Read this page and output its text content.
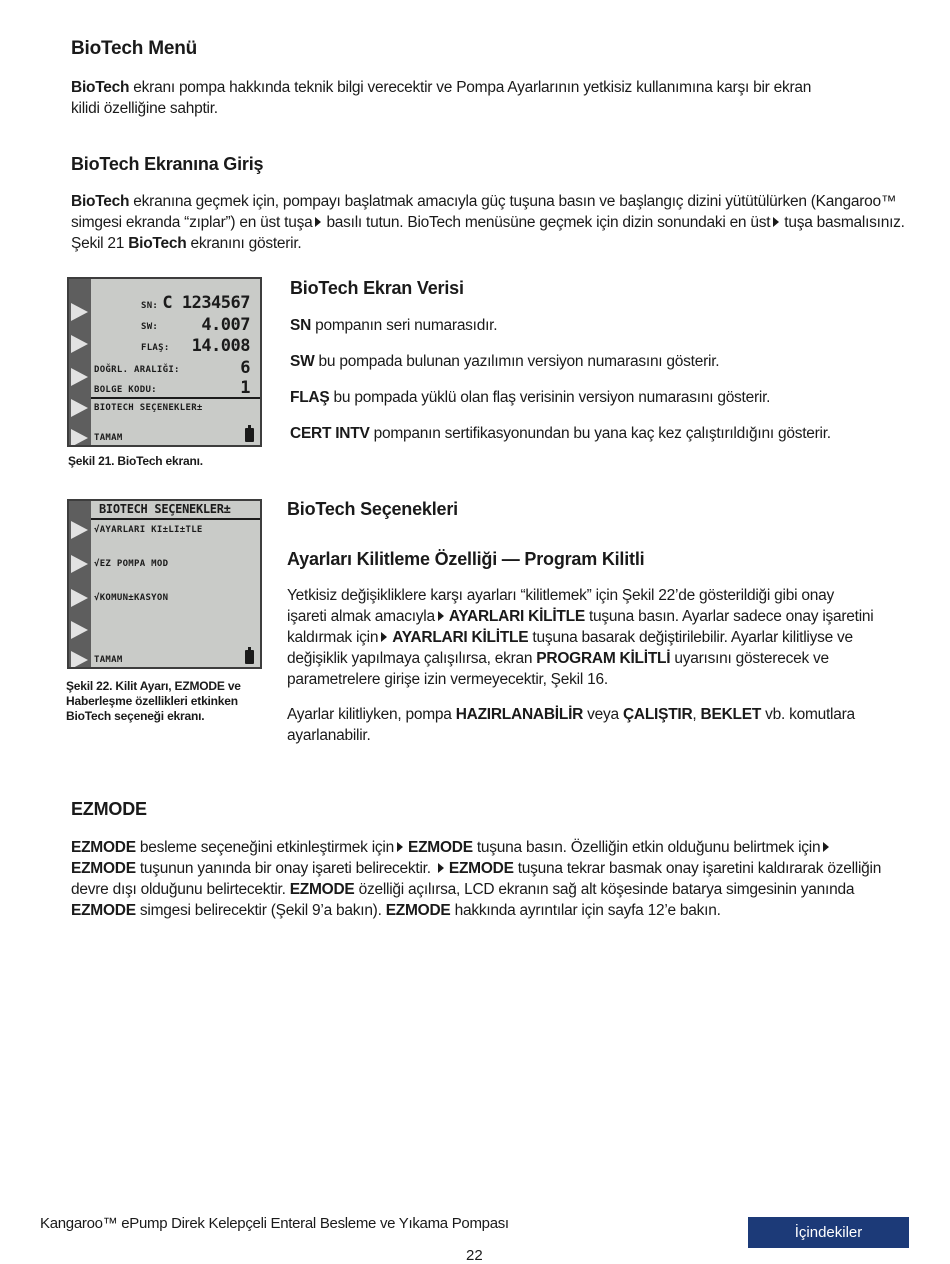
BioTech Menü

BioTech ekranı pompa hakkında teknik bilgi verecektir ve Pompa Ayarlarının yetkisiz kullanımına karşı bir ekran kilidi özelliğine sahptir.

BioTech Ekranına Giriş

BioTech ekranına geçmek için, pompayı başlatmak amacıyla güç tuşuna basın ve başlangıç dizini yütütülürken (Kangaroo™ simgesi ekranda “zıplar”) en üst tuşa basılı tutun. BioTech menüsüne geçmek için dizin sonundaki en üst tuşa basmalısınız. Şekil 21 BioTech ekranını gösterir.

SN: C 1234567
SW:	4.007
FLAŞ: 14.008
DOĞRL. ARALIĞI:	6
BOLGE KODU:	1
BIOTECH SEÇENEKLER±
TAMAM
Şekil 21. BioTech ekranı.
BioTech Ekran Verisi

SN pompanın seri numarasıdır.

SW bu pompada bulunan yazılımın versiyon numarasını gösterir.

FLAŞ bu pompada yüklü olan flaş verisinin versiyon numarasını gösterir.

CERT INTV pompanın sertifikasyonundan bu yana kaç kez çalıştırıldığını gösterir.

BIOTECH SEÇENEKLER±
√AYARLARI KI±LI±TLE
√EZ POMPA MOD
√KOMUN±KASYON
TAMAM
Şekil 22. Kilit Ayarı, EZMODE ve Haberleşme özellikleri etkinken BioTech seçeneği ekranı.
BioTech Seçenekleri
Ayarları Kilitleme Özelliği — Program Kilitli

Yetkisiz değişikliklere karşı ayarları “kilitlemek” için Şekil 22’de gösterildiği gibi onay işareti almak amacıyla AYARLARI KİLİTLE tuşuna basın. Ayarlar sadece onay işaretini kaldırmak için AYARLARI KİLİTLE tuşuna basarak değiştirilebilir. Ayarlar kilitliyse ve değişiklik yapılmaya çalışılırsa, ekran PROGRAM KİLİTLİ uyarısını gösterecek ve parametrelere girişe izin vermeyecektir, Şekil 16.

Ayarlar kilitliyken, pompa HAZIRLANABİLİR veya ÇALIŞTIR, BEKLET vb. komutlara ayarlanabilir.

EZMODE

EZMODE besleme seçeneğini etkinleştirmek için EZMODE tuşuna basın. Özelliğin etkin olduğunu belirtmek içinEZMODE tuşunun yanında bir onay işareti belirecektir. EZMODE tuşuna tekrar basmak onay işaretini kaldırarak özelliğin devre dışı olduğunu belirtecektir. EZMODE özelliği açılırsa, LCD ekranın sağ alt köşesinde batarya simgesinin yanında EZMODE simgesi belirecektir (Şekil 9’a bakın). EZMODE hakkında ayrıntılar için sayfa 12’e bakın.

Kangaroo™ ePump Direk Kelepçeli Enteral Besleme ve Yıkama Pompası
22
İçindekiler
